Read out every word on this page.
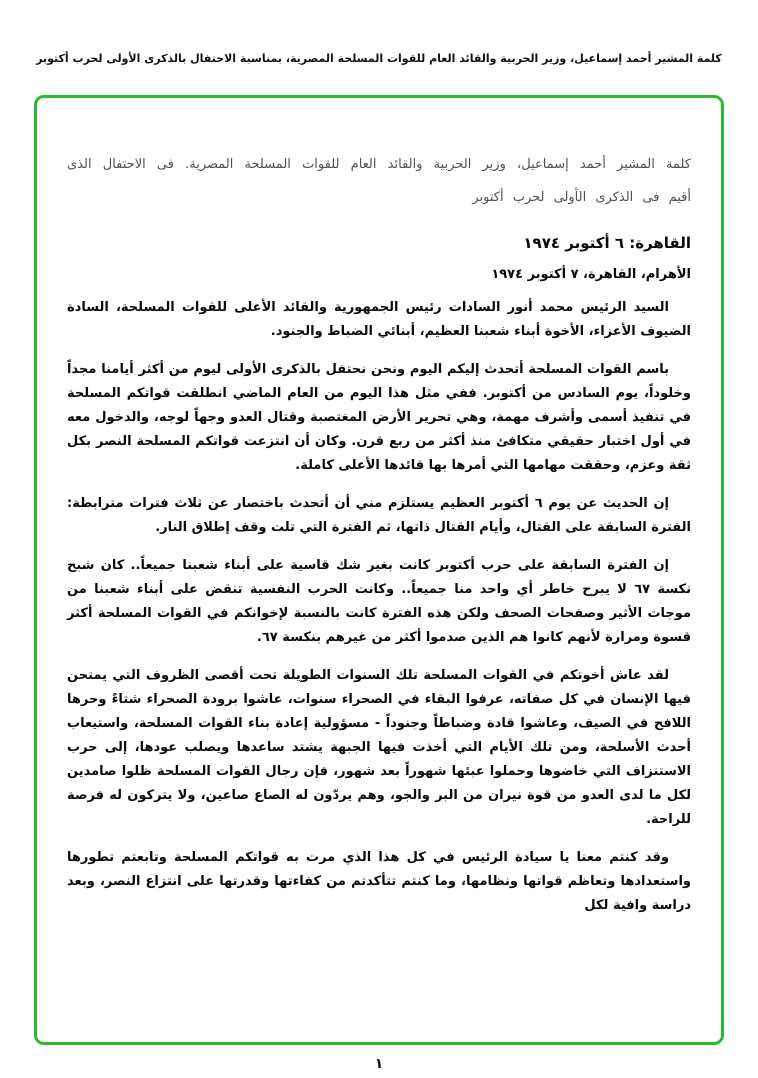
كلمة المشير أحمد إسماعيل، وزير الحربية والقائد العام للقوات المسلحة المصرية، بمناسبة الاحتفال بالذكرى الأولى لحرب أكتوبر
كلمة المشير أحمد إسماعيل، وزير الحربية والقائد العام للقوات المسلحة المصرية. فى الاحتفال الذى أقيم فى الذكرى الأولى لحرب أكتوبر
القاهرة: ٦ أكتوبر ١٩٧٤
الأهرام، القاهرة، ٧ أكتوبر ١٩٧٤
السيد الرئيس محمد أنور السادات رئيس الجمهورية والقائد الأعلى للقوات المسلحة، السادة الضيوف الأعزاء، الأخوة أبناء شعبنا العظيم، أبنائي الضباط والجنود.
باسم القوات المسلحة أتحدث إليكم اليوم ونحن نحتفل بالذكرى الأولى ليوم من أكثر أيامنا مجداً وخلوداً، يوم السادس من أكتوبر. ففي مثل هذا اليوم من العام الماضي انطلقت قواتكم المسلحة في تنفيذ أسمى وأشرف مهمة، وهي تحرير الأرض المغتصبة وقتال العدو وجهاً لوجه، والدخول معه في أول اختبار حقيقي متكافئ منذ أكثر من ربع قرن. وكان أن انتزعت قواتكم المسلحة النصر بكل ثقة وعزم، وحققت مهامها التي أمرها بها قائدها الأعلى كاملة.
إن الحديث عن يوم ٦ أكتوبر العظيم يستلزم مني أن أتحدث باختصار عن ثلاث فترات مترابطة: الفترة السابقة على القتال، وأيام القتال ذاتها، ثم الفترة التي تلت وقف إطلاق النار.
إن الفترة السابقة على حرب أكتوبر كانت بغير شك قاسية على أبناء شعبنا جميعاً.. كان شبح نكسة ٦٧ لا يبرح خاطر أي واحد منا جميعاً.. وكانت الحرب النفسية تنقض على أبناء شعبنا من موجات الأثير وصفحات الصحف ولكن هذه الفترة كانت بالنسبة لإخوانكم في القوات المسلحة أكثر قسوة ومرارة لأنهم كانوا هم الذين صدموا أكثر من غيرهم بنكسة ٦٧.
لقد عاش أخوتكم في القوات المسلحة تلك السنوات الطويلة تحت أقصى الظروف التي يمتحن فيها الإنسان في كل صفاته، عرفوا البقاء في الصحراء سنوات، عاشوا برودة الصحراء شتاءً وحرها اللافح في الصيف، وعاشوا قادة وضباطاً وجنوداً - مسؤولية إعادة بناء القوات المسلحة، واستيعاب أحدث الأسلحة، ومن تلك الأيام التي أخذت فيها الجبهة يشتد ساعدها ويصلب عودها، إلى حرب الاستنزاف التي خاضوها وحملوا عبئها شهوراً بعد شهور، فإن رجال القوات المسلحة ظلوا صامدين لكل ما لدى العدو من قوة نيران من البر والجو، وهم يردّون له الصاع صاعين، ولا يتركون له فرصة للراحة.
وقد كنتم معنا يا سيادة الرئيس في كل هذا الذي مرت به قواتكم المسلحة وتابعتم تطورها واستعدادها وتعاظم قواتها ونظامها، وما كنتم تتأكدتم من كفاءتها وقدرتها على انتزاع النصر، وبعد دراسة وافية لكل
١
